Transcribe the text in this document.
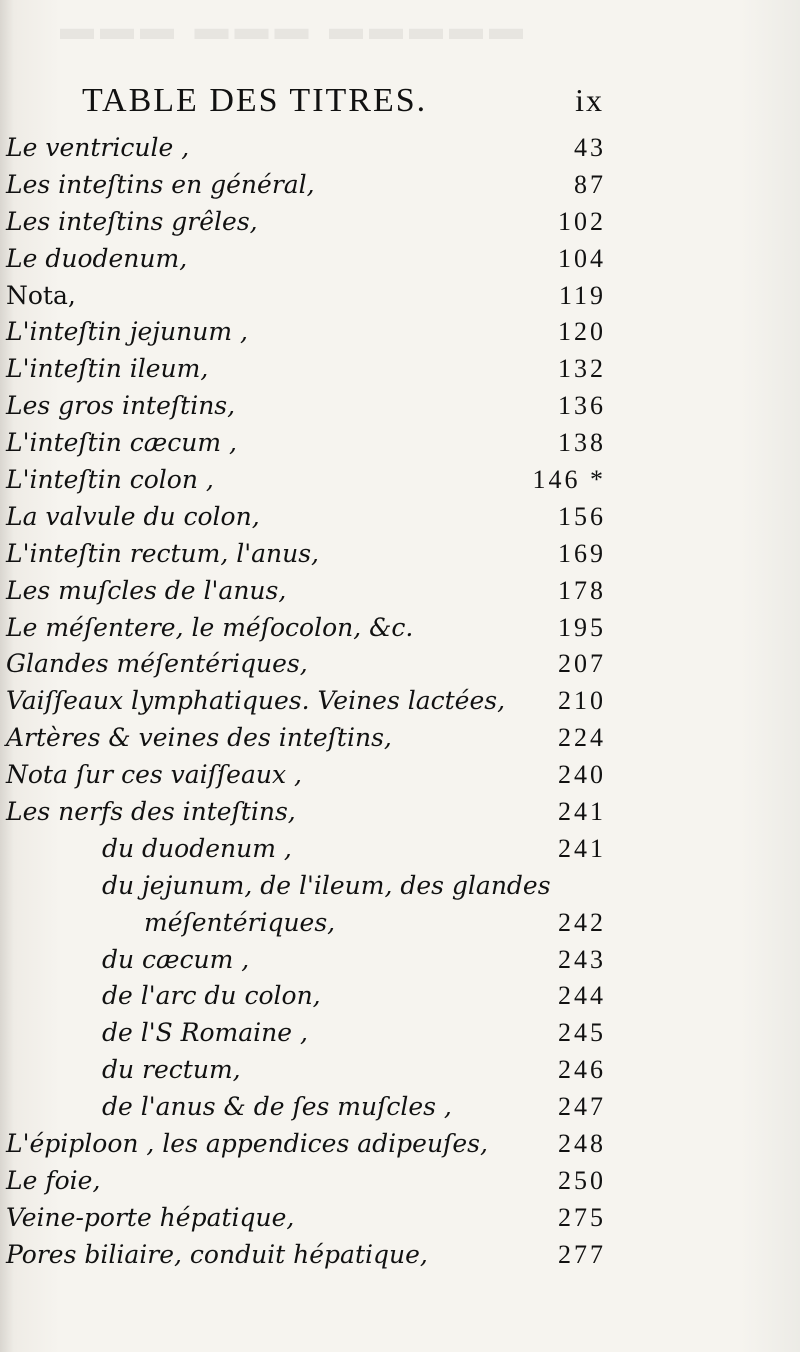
▬▬▬ ▬▬▬ ▬▬▬▬▬
TABLE DES TITRES.	ix
Le ventricule ,	43
Les inteſtins en général,	87
Les inteſtins grêles,	102
Le duodenum,	104
Nota,	119
L'inteſtin jejunum ,	120
L'inteſtin ileum,	132
Les gros inteſtins,	136
L'inteſtin cæcum ,	138
L'inteſtin colon ,	146 *
La valvule du colon,	156
L'inteſtin rectum, l'anus,	169
Les muſcles de l'anus,	178
Le méſentere, le méſocolon, &c.	195
Glandes méſentériques,	207
Vaiſſeaux lymphatiques. Veines lactées, 210
Artères & veines des inteſtins,	224
Nota ſur ces vaiſſeaux ,	240
Les nerfs des inteſtins,	241
du duodenum ,	241
du jejunum, de l'ileum, des glandes
méſentériques,	242
du cæcum ,	243
de l'arc du colon,	244
de l'S Romaine ,	245
du rectum,	246
de l'anus & de ſes muſcles ,	247
L'épiploon , les appendices adipeuſes,	248
Le foie,	250
Veine-porte hépatique,	275
Pores biliaire, conduit hépatique,	277
